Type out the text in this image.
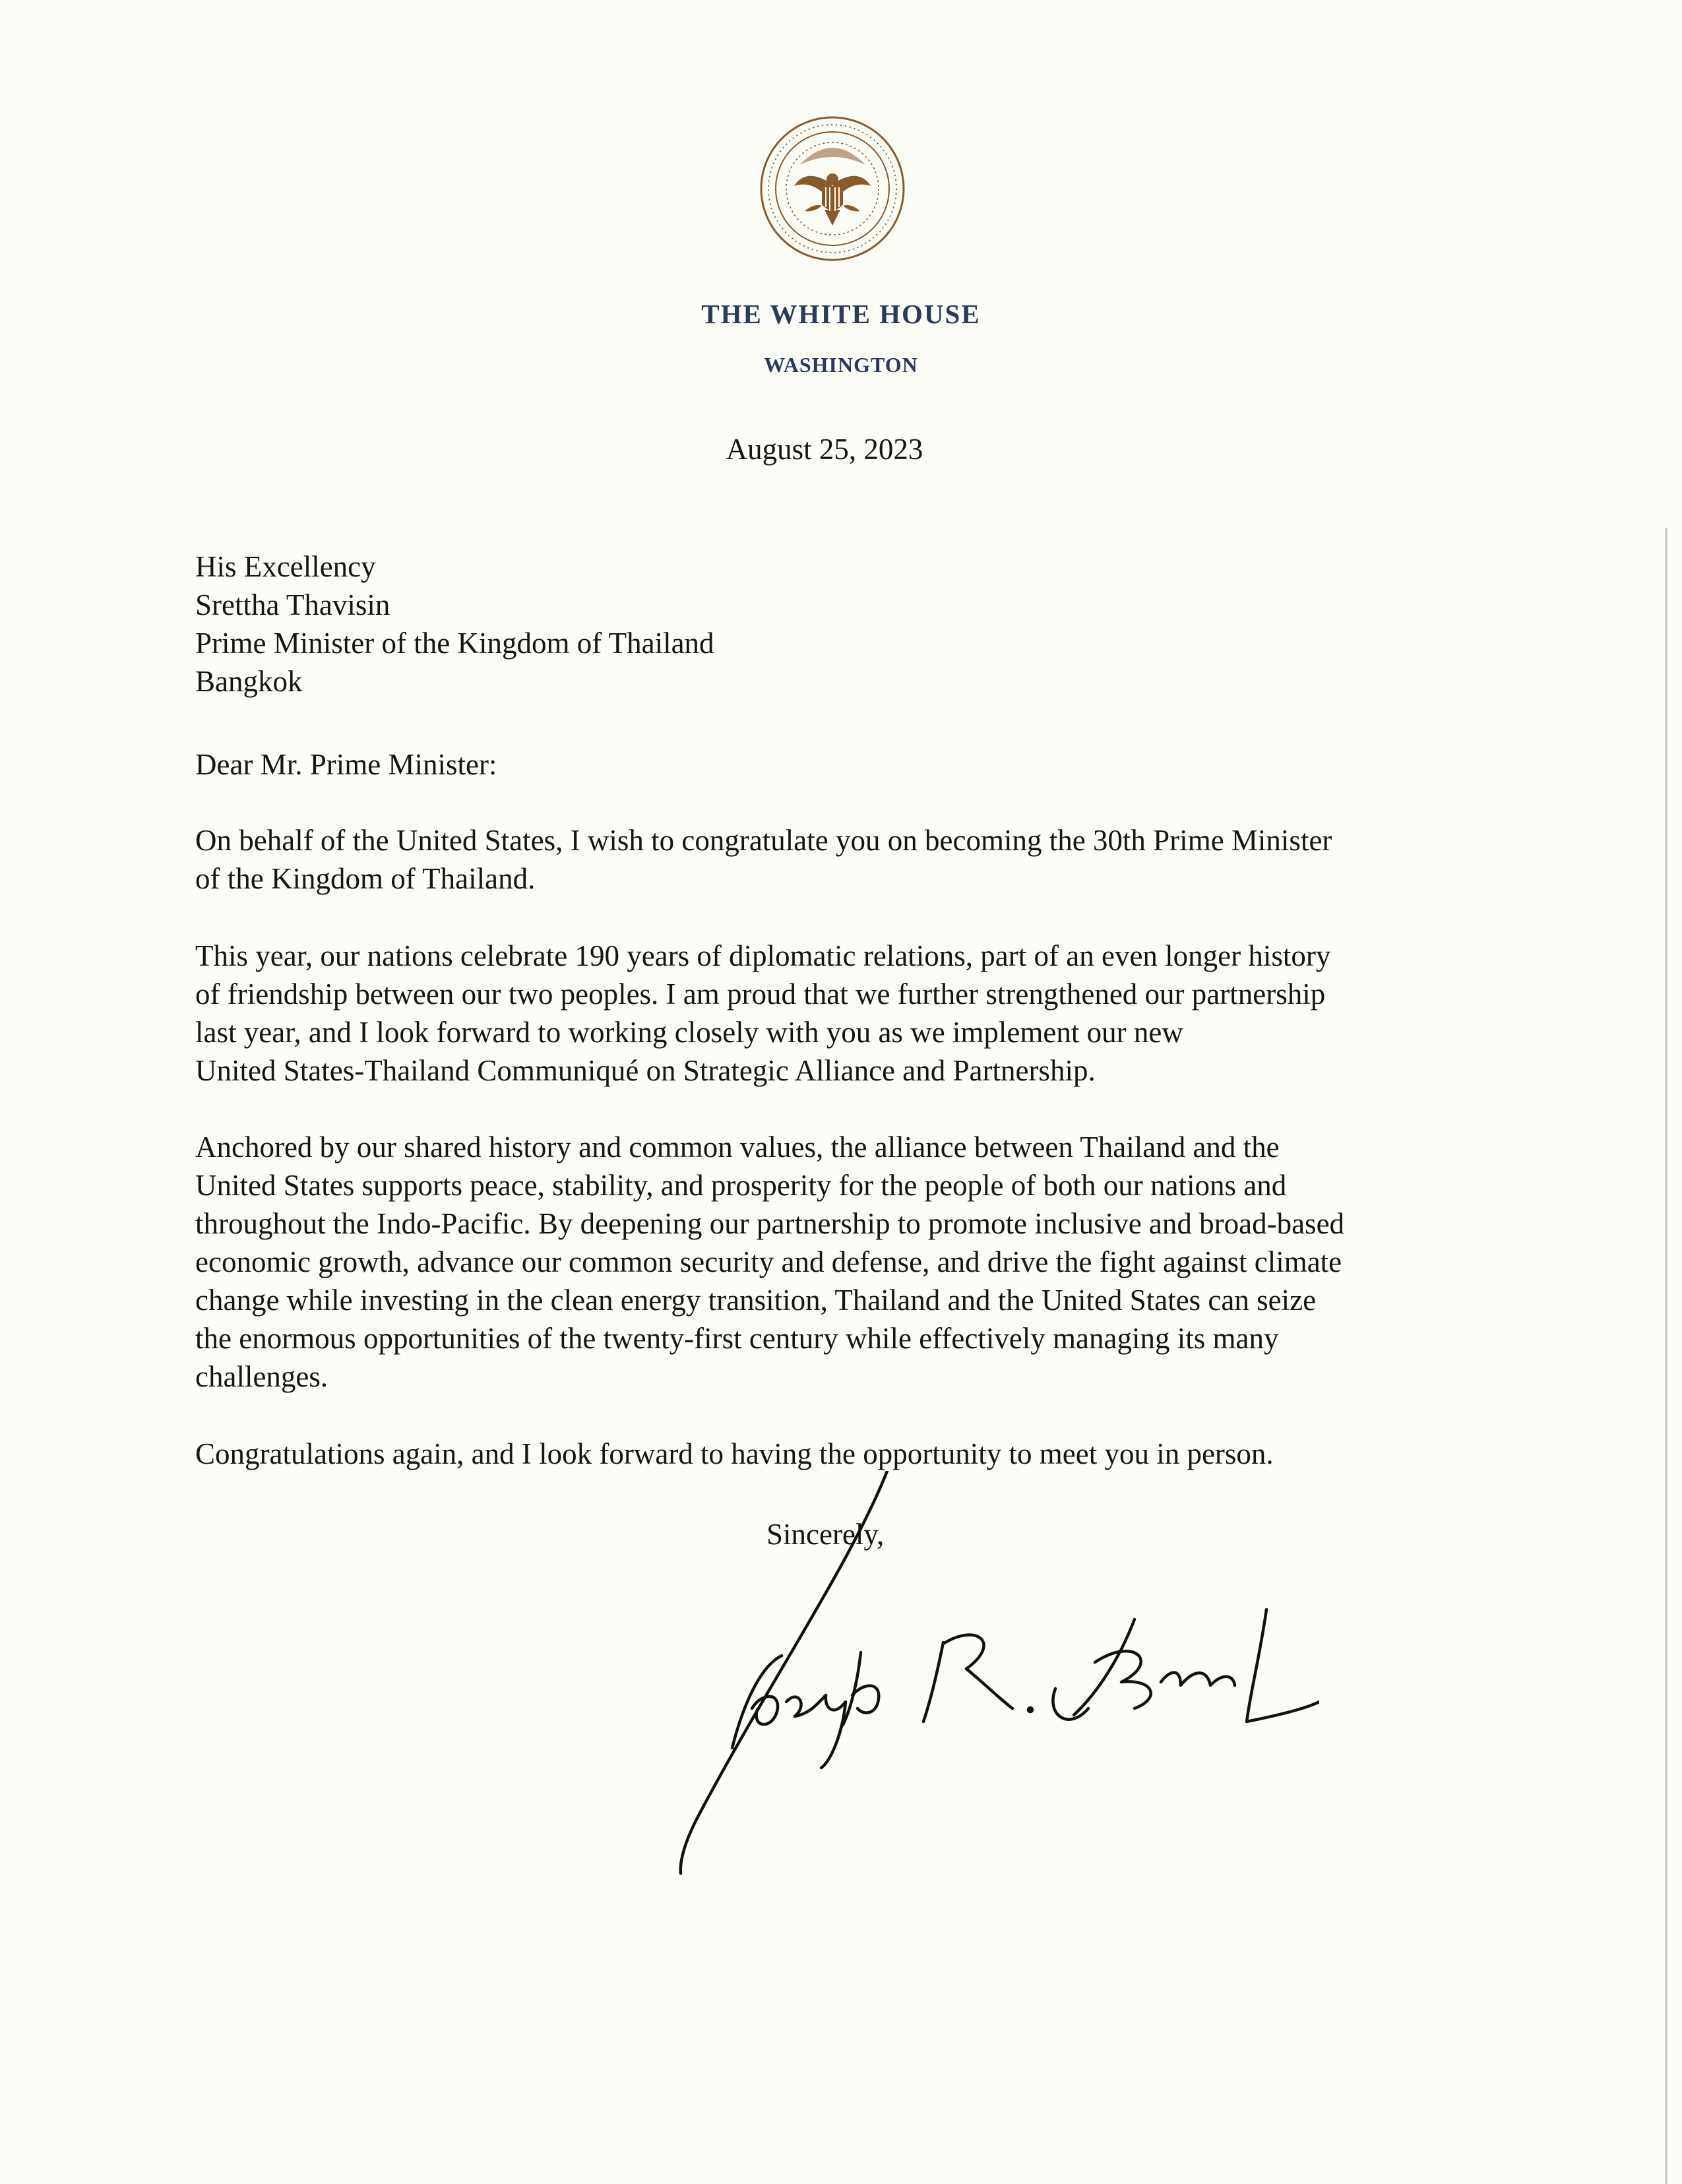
THE WHITE HOUSE
WASHINGTON
August 25, 2023
His Excellency
Srettha Thavisin
Prime Minister of the Kingdom of Thailand
Bangkok
Dear Mr. Prime Minister:
On behalf of the United States, I wish to congratulate you on becoming the 30th Prime Minister
of the Kingdom of Thailand.
This year, our nations celebrate 190 years of diplomatic relations, part of an even longer history
of friendship between our two peoples. I am proud that we further strengthened our partnership
last year, and I look forward to working closely with you as we implement our new
United States-Thailand Communiqué on Strategic Alliance and Partnership.
Anchored by our shared history and common values, the alliance between Thailand and the
United States supports peace, stability, and prosperity for the people of both our nations and
throughout the Indo-Pacific. By deepening our partnership to promote inclusive and broad-based
economic growth, advance our common security and defense, and drive the fight against climate
change while investing in the clean energy transition, Thailand and the United States can seize
the enormous opportunities of the twenty-first century while effectively managing its many
challenges.
Congratulations again, and I look forward to having the opportunity to meet you in person.
Sincerely,
